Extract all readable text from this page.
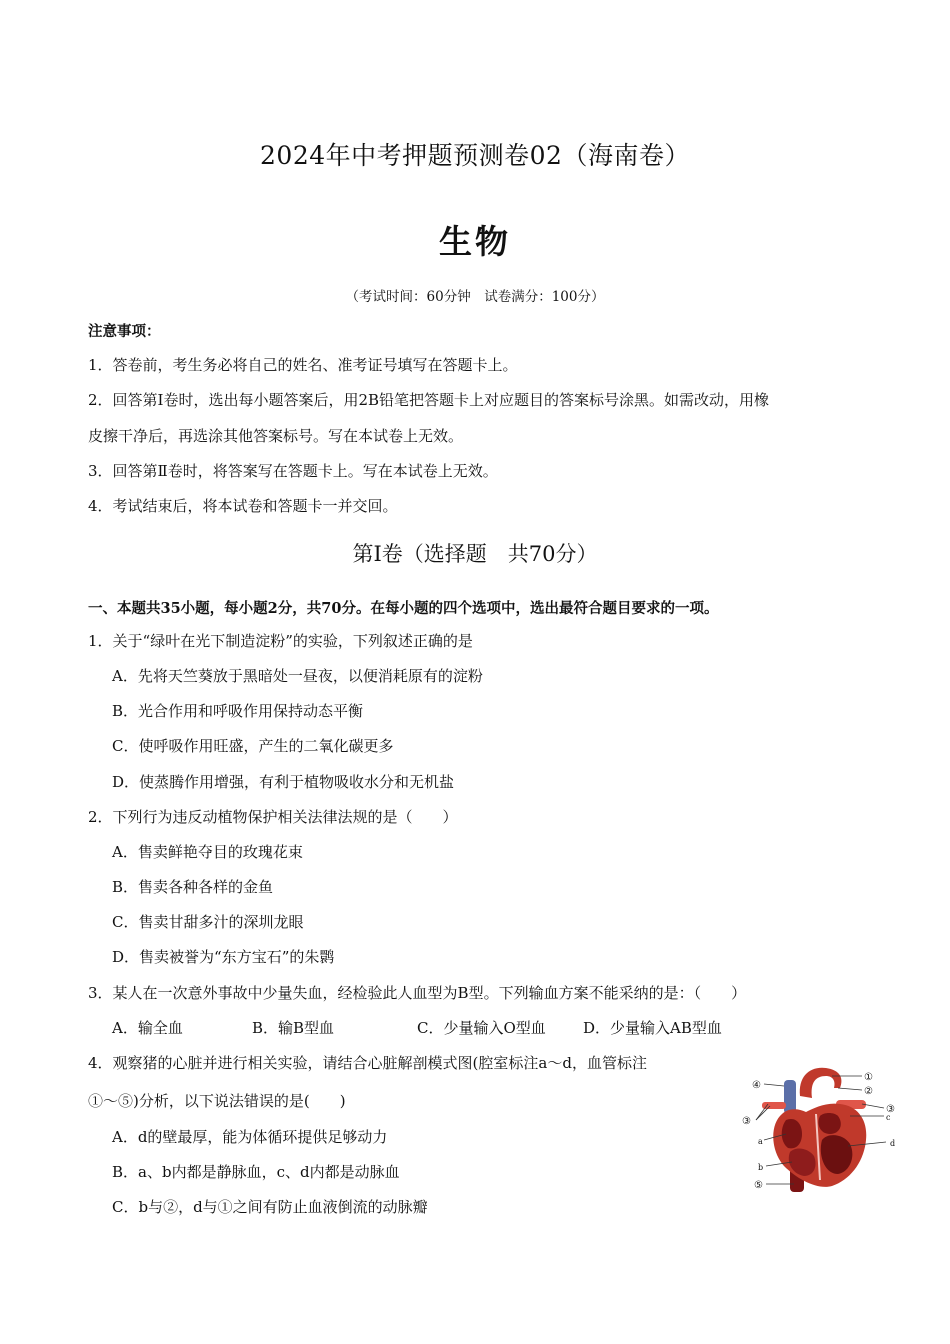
2024年中考押题预测卷02（海南卷）
生物
（考试时间：60分钟　试卷满分：100分）
注意事项：
1．答卷前，考生务必将自己的姓名、准考证号填写在答题卡上。
2．回答第Ⅰ卷时，选出每小题答案后，用2B铅笔把答题卡上对应题目的答案标号涂黑。如需改动，用橡
皮擦干净后，再选涂其他答案标号。写在本试卷上无效。
3．回答第Ⅱ卷时，将答案写在答题卡上。写在本试卷上无效。
4．考试结束后，将本试卷和答题卡一并交回。
第Ⅰ卷（选择题　共70分）
一、本题共35小题，每小题2分，共70分。在每小题的四个选项中，选出最符合题目要求的一项。
1．关于“绿叶在光下制造淀粉”的实验，下列叙述正确的是
A．先将天竺葵放于黑暗处一昼夜，以便消耗原有的淀粉
B．光合作用和呼吸作用保持动态平衡
C．使呼吸作用旺盛，产生的二氧化碳更多
D．使蒸腾作用增强，有利于植物吸收水分和无机盐
2．下列行为违反动植物保护相关法律法规的是（　　）
A．售卖鲜艳夺目的玫瑰花束
B．售卖各种各样的金鱼
C．售卖甘甜多汁的深圳龙眼
D．售卖被誉为“东方宝石”的朱鹮
3．某人在一次意外事故中少量失血，经检验此人血型为B型。下列输血方案不能采纳的是：（　　）
A．输全血	B．输B型血	C．少量输入O型血 D．少量输入AB型血
4．观察猪的心脏并进行相关实验，请结合心脏解剖模式图(腔室标注a～d，血管标注
①～⑤)分析，以下说法错误的是(　　)
A．d的壁最厚，能为体循环提供足够动力
B．a、b内都是静脉血，c、d内都是动脉血
C．b与②，d与①之间有防止血液倒流的动脉瓣
①
②
③
④
③
⑤
a
b
c
d
